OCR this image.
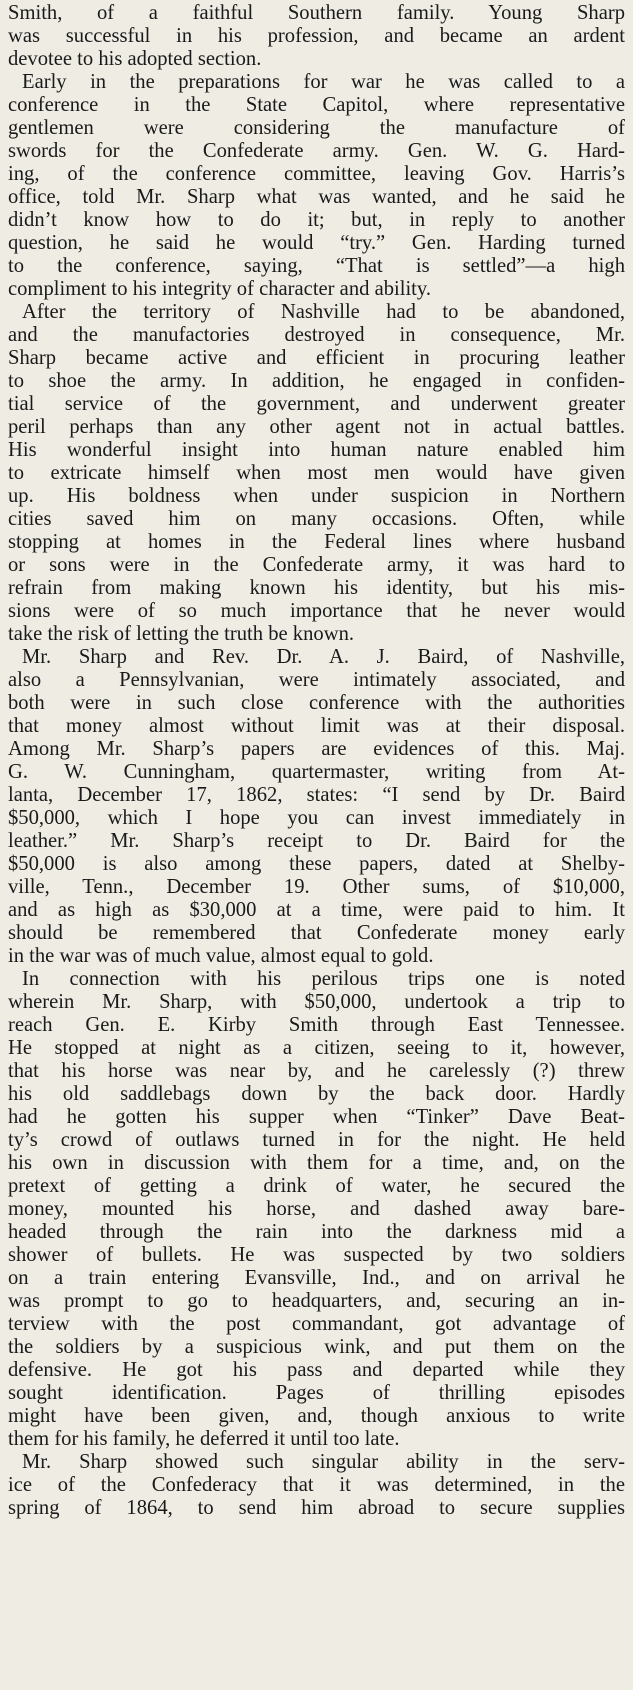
Smith, of a faithful Southern family. Young Sharp
was successful in his profession, and became an ardent
devotee to his adopted section.
Early in the preparations for war he was called to a
conference in the State Capitol, where representative
gentlemen were considering the manufacture of
swords for the Confederate army. Gen. W. G. Hard-
ing, of the conference committee, leaving Gov. Harris’s
office, told Mr. Sharp what was wanted, and he said he
didn’t know how to do it; but, in reply to another
question, he said he would “try.” Gen. Harding turned
to the conference, saying, “That is settled”—a high
compliment to his integrity of character and ability.
After the territory of Nashville had to be abandoned,
and the manufactories destroyed in consequence, Mr.
Sharp became active and efficient in procuring leather
to shoe the army. In addition, he engaged in confiden-
tial service of the government, and underwent greater
peril perhaps than any other agent not in actual battles.
His wonderful insight into human nature enabled him
to extricate himself when most men would have given
up. His boldness when under suspicion in Northern
cities saved him on many occasions. Often, while
stopping at homes in the Federal lines where husband
or sons were in the Confederate army, it was hard to
refrain from making known his identity, but his mis-
sions were of so much importance that he never would
take the risk of letting the truth be known.
Mr. Sharp and Rev. Dr. A. J. Baird, of Nashville,
also a Pennsylvanian, were intimately associated, and
both were in such close conference with the authorities
that money almost without limit was at their disposal.
Among Mr. Sharp’s papers are evidences of this. Maj.
G. W. Cunningham, quartermaster, writing from At-
lanta, December 17, 1862, states: “I send by Dr. Baird
$50,000, which I hope you can invest immediately in
leather.” Mr. Sharp’s receipt to Dr. Baird for the
$50,000 is also among these papers, dated at Shelby-
ville, Tenn., December 19. Other sums, of $10,000,
and as high as $30,000 at a time, were paid to him. It
should be remembered that Confederate money early
in the war was of much value, almost equal to gold.
In connection with his perilous trips one is noted
wherein Mr. Sharp, with $50,000, undertook a trip to
reach Gen. E. Kirby Smith through East Tennessee.
He stopped at night as a citizen, seeing to it, however,
that his horse was near by, and he carelessly (?) threw
his old saddlebags down by the back door. Hardly
had he gotten his supper when “Tinker” Dave Beat-
ty’s crowd of outlaws turned in for the night. He held
his own in discussion with them for a time, and, on the
pretext of getting a drink of water, he secured the
money, mounted his horse, and dashed away bare-
headed through the rain into the darkness mid a
shower of bullets. He was suspected by two soldiers
on a train entering Evansville, Ind., and on arrival he
was prompt to go to headquarters, and, securing an in-
terview with the post commandant, got advantage of
the soldiers by a suspicious wink, and put them on the
defensive. He got his pass and departed while they
sought identification. Pages of thrilling episodes
might have been given, and, though anxious to write
them for his family, he deferred it until too late.
Mr. Sharp showed such singular ability in the serv-
ice of the Confederacy that it was determined, in the
spring of 1864, to send him abroad to secure supplies
